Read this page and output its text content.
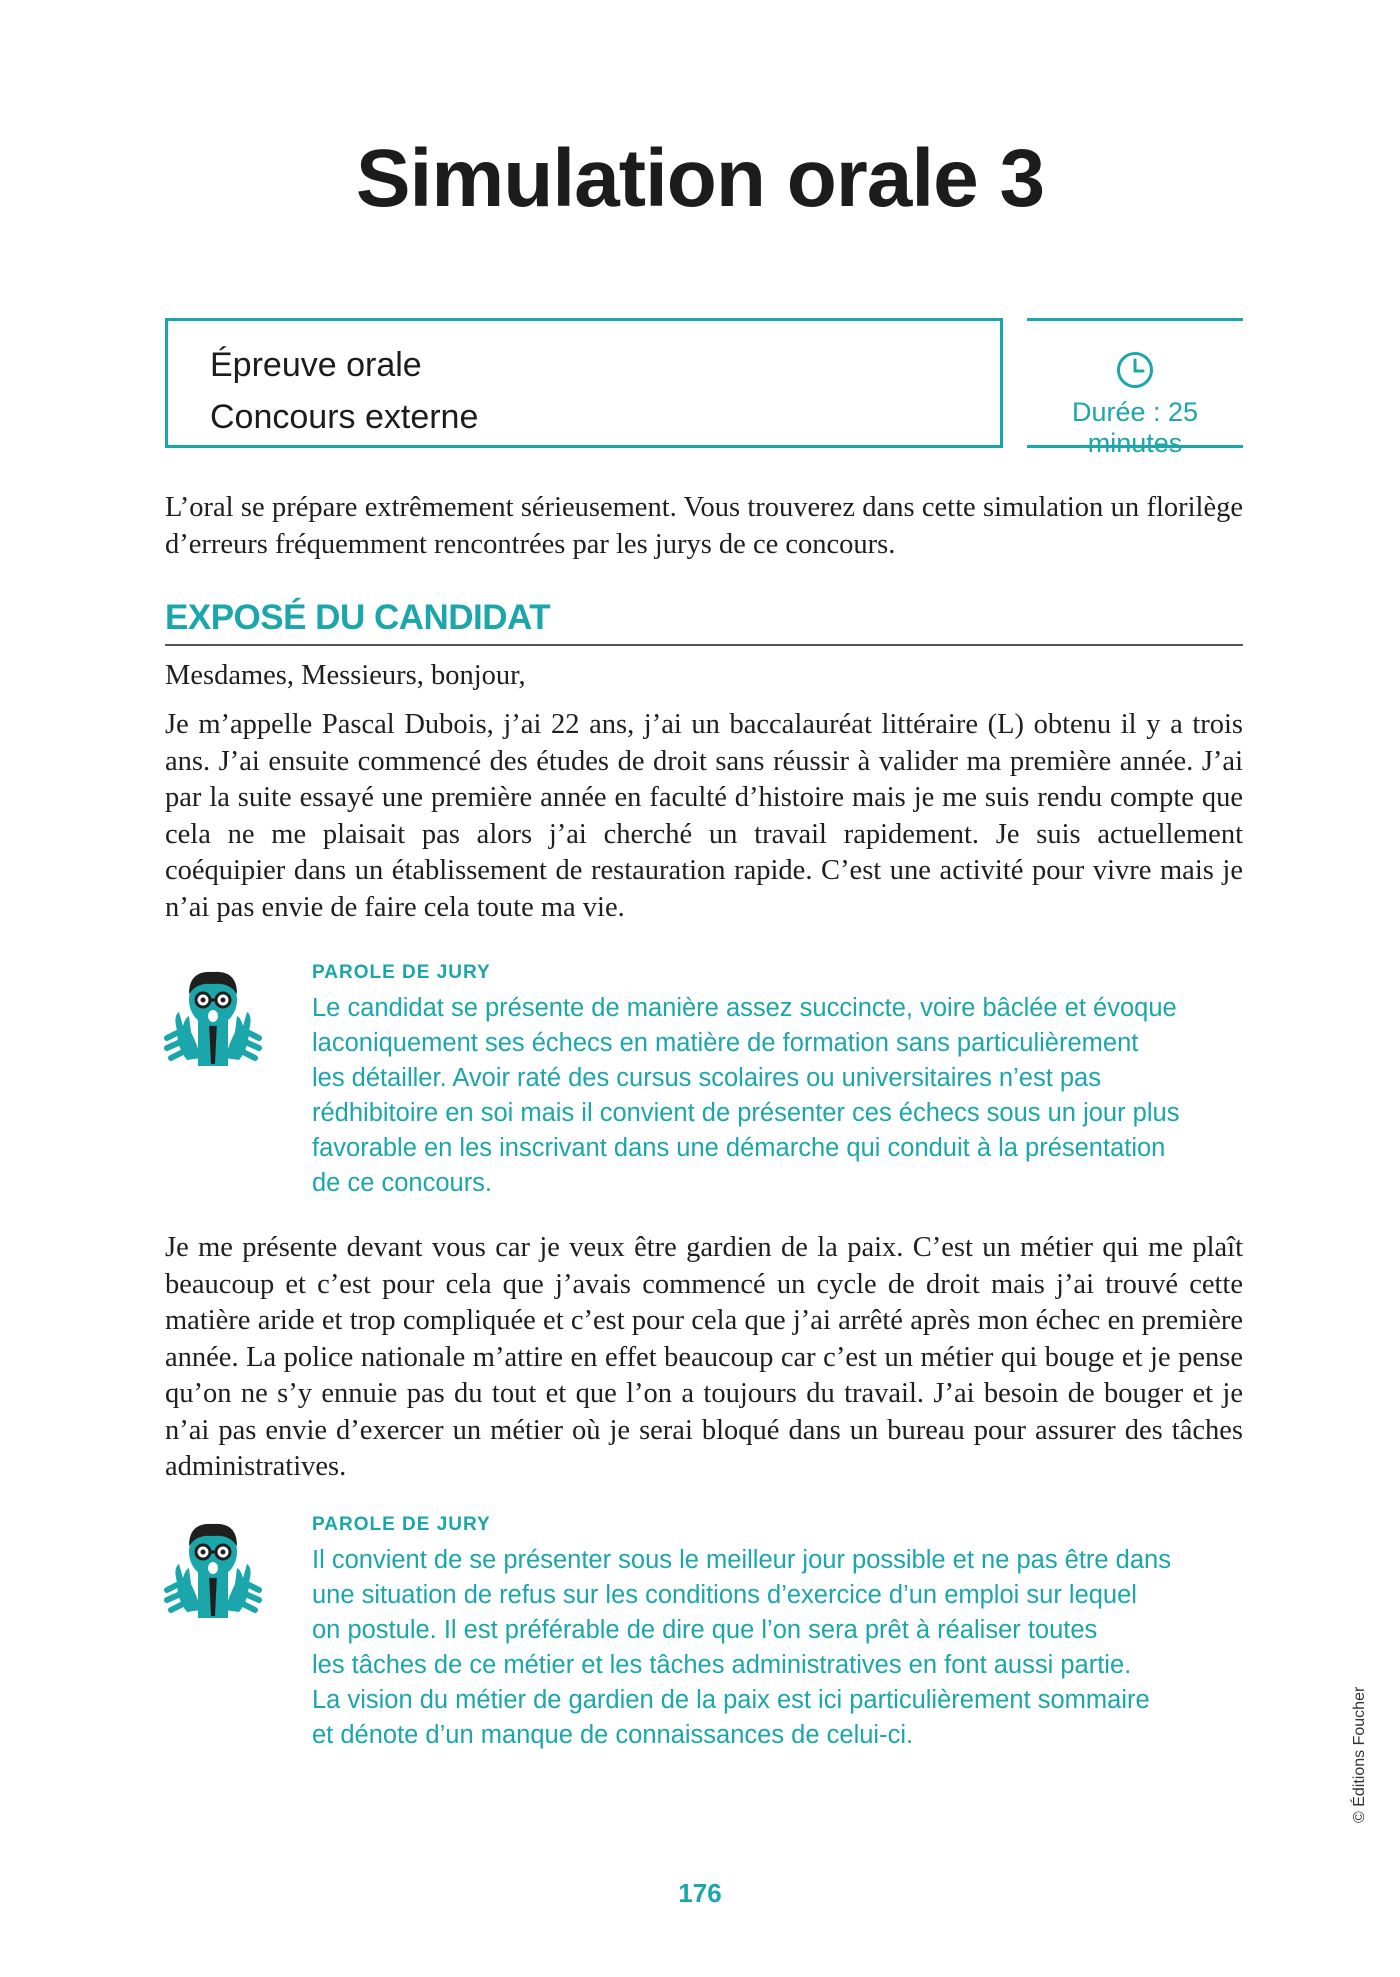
Simulation orale 3
Épreuve orale
Concours externe	Durée : 25 minutes

L’oral se prépare extrêmement sérieusement. Vous trouverez dans cette simulation un florilège d’erreurs fréquemment rencontrées par les jurys de ce concours.

EXPOSÉ DU CANDIDAT

Mesdames, Messieurs, bonjour,

Je m’appelle Pascal Dubois, j’ai 22 ans, j’ai un baccalauréat littéraire (L) obtenu il y a trois ans. J’ai ensuite commencé des études de droit sans réussir à valider ma première année. J’ai par la suite essayé une première année en faculté d’histoire mais je me suis rendu compte que cela ne me plaisait pas alors j’ai cherché un travail rapidement. Je suis actuellement coéquipier dans un établissement de restauration rapide. C’est une activité pour vivre mais je n’ai pas envie de faire cela toute ma vie.

PAROLE DE JURY
Le candidat se présente de manière assez succincte, voire bâclée et évoque
laconiquement ses échecs en matière de formation sans particulièrement
les détailler. Avoir raté des cursus scolaires ou universitaires n’est pas
rédhibitoire en soi mais il convient de présenter ces échecs sous un jour plus
favorable en les inscrivant dans une démarche qui conduit à la présentation
de ce concours.

Je me présente devant vous car je veux être gardien de la paix. C’est un métier qui me plaît beaucoup et c’est pour cela que j’avais commencé un cycle de droit mais j’ai trouvé cette matière aride et trop compliquée et c’est pour cela que j’ai arrêté après mon échec en première année. La police nationale m’attire en effet beaucoup car c’est un métier qui bouge et je pense qu’on ne s’y ennuie pas du tout et que l’on a toujours du travail. J’ai besoin de bouger et je n’ai pas envie d’exercer un métier où je serai bloqué dans un bureau pour assurer des tâches administratives.

PAROLE DE JURY
Il convient de se présenter sous le meilleur jour possible et ne pas être dans
une situation de refus sur les conditions d’exercice d’un emploi sur lequel
on postule. Il est préférable de dire que l’on sera prêt à réaliser toutes
les tâches de ce métier et les tâches administratives en font aussi partie.
La vision du métier de gardien de la paix est ici particulièrement sommaire
et dénote d’un manque de connaissances de celui-ci.
176
© Éditions Foucher
